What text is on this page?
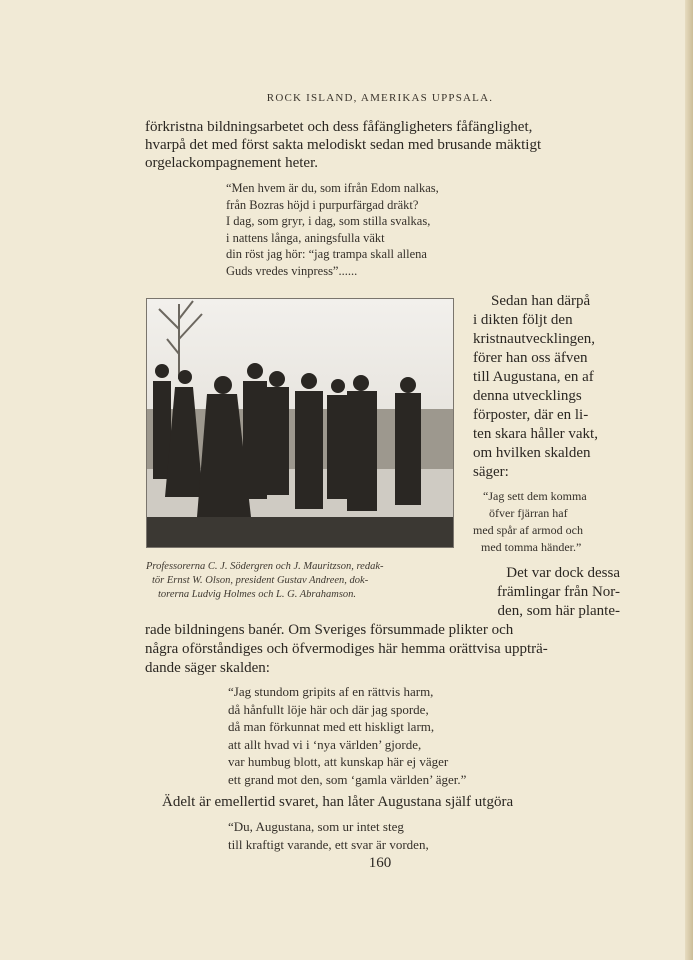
ROCK ISLAND, AMERIKAS UPPSALA.
förkristna bildningsarbetet och dess fåfängligheters fåfänglighet,
hvarpå det med först sakta melodiskt sedan med brusande mäktigt
orgelackompagnement heter.
“Men hvem är du, som ifrån Edom nalkas,
från Bozras höjd i purpurfärgad dräkt?
I dag, som gryr, i dag, som stilla svalkas,
i nattens långa, aningsfulla väkt
din röst jag hör: “jag trampa skall allena
Guds vredes vinpress”......
Professorerna C. J. Södergren och J. Mauritzson, redak-
tör Ernst W. Olson, president Gustav Andreen, dok-
torerna Ludvig Holmes och L. G. Abrahamson.
Sedan han därpå
i dikten följt den
kristnautvecklingen,
förer han oss äfven
till Augustana, en af
denna utvecklings
förposter, där en li-
ten skara håller vakt,
om hvilken skalden
säger:
“Jag sett dem komma
öfver fjärran haf
med spår af armod och
med tomma händer.”
Det var dock dessa
främlingar från Nor-
den, som här plante-
rade bildningens banér. Om Sveriges försummade plikter och
några oförståndiges och öfvermodiges här hemma orättvisa uppträ-
dande säger skalden:
“Jag stundom gripits af en rättvis harm,
då hånfullt löje här och där jag sporde,
då man förkunnat med ett hiskligt larm,
att allt hvad vi i ‘nya världen’ gjorde,
var humbug blott, att kunskap här ej väger
ett grand mot den, som ‘gamla världen’ äger.”
Ädelt är emellertid svaret, han låter Augustana själf utgöra
“Du, Augustana, som ur intet steg
till kraftigt varande, ett svar är vorden,
160
